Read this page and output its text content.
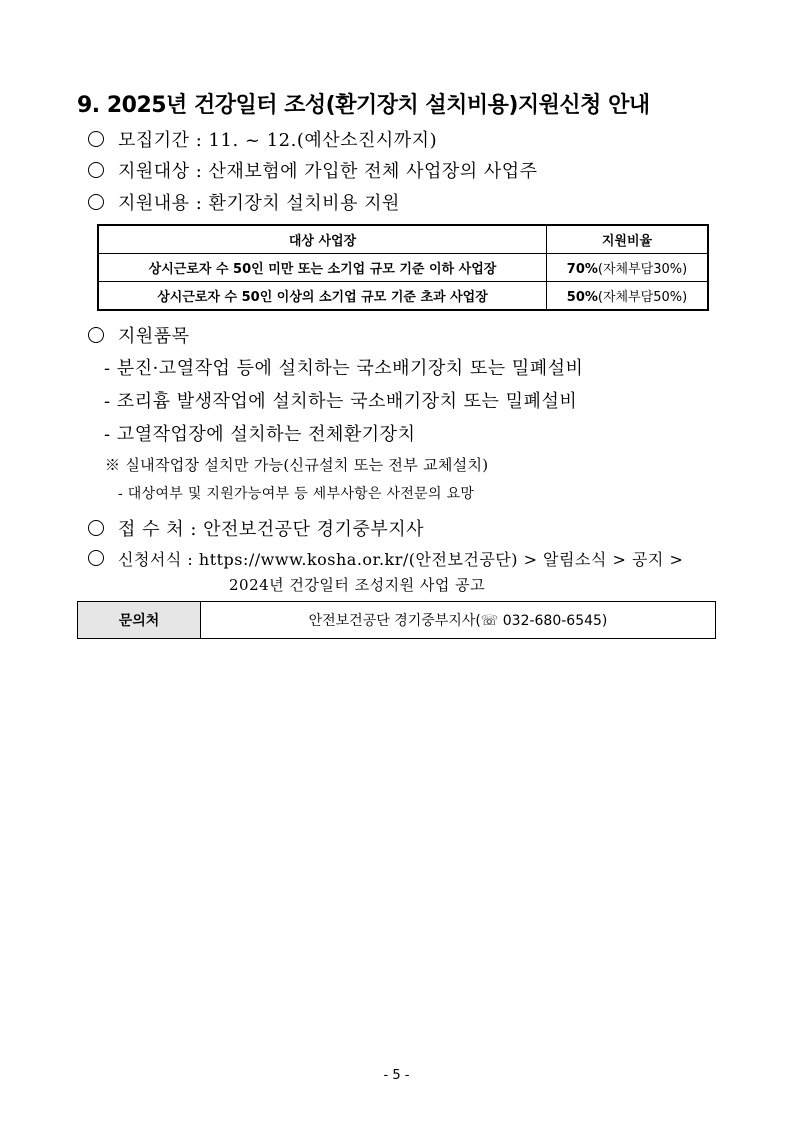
9. 2025년 건강일터 조성(환기장치 설치비용)지원신청 안내
모집기간 : 11. ~ 12.(예산소진시까지)
지원대상 : 산재보험에 가입한 전체 사업장의 사업주
지원내용 : 환기장치 설치비용 지원
대상 사업장	지원비율
상시근로자 수 50인 미만 또는 소기업 규모 기준 이하 사업장	70%(자체부담30%)
상시근로자 수 50인 이상의 소기업 규모 기준 초과 사업장	50%(자체부담50%)
지원품목
- 분진·고열작업 등에 설치하는 국소배기장치 또는 밀폐설비
- 조리흄 발생작업에 설치하는 국소배기장치 또는 밀폐설비
- 고열작업장에 설치하는 전체환기장치
※ 실내작업장 설치만 가능(신규설치 또는 전부 교체설치)
- 대상여부 및 지원가능여부 등 세부사항은 사전문의 요망
접 수 처 : 안전보건공단 경기중부지사
신청서식 : https://www.kosha.or.kr/(안전보건공단) > 알림소식 > 공지 >
2024년 건강일터 조성지원 사업 공고
문의처	안전보건공단 경기중부지사(☏ 032-680-6545)
- 5 -
